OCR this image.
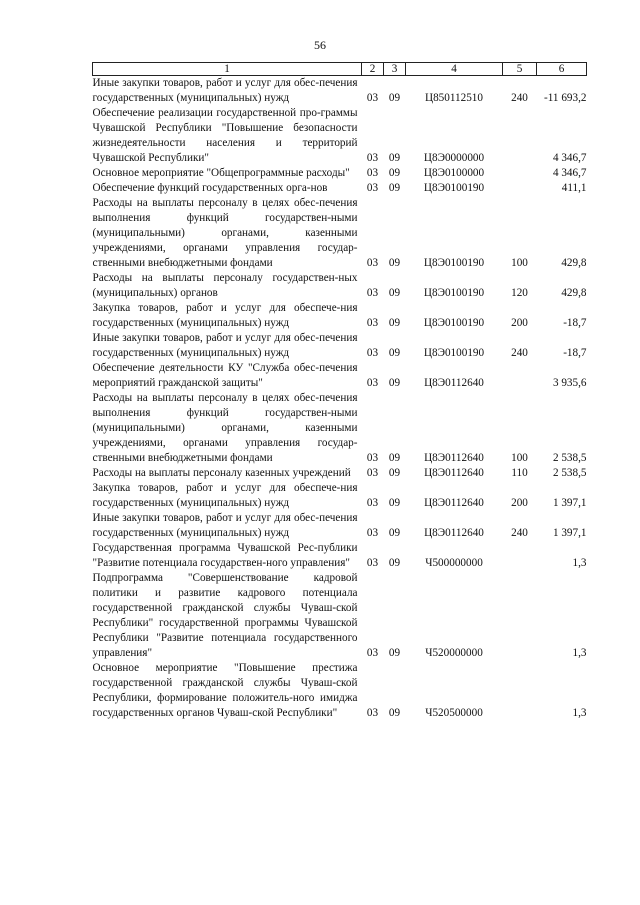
56
1	2	3	4	5	6
Иные закупки товаров, работ и услуг для обес-печения государственных (муниципальных) нужд	03	09	Ц850112510	240	-11 693,2
Обеспечение реализации государственной про-граммы Чувашской Республики "Повышение безопасности жизнедеятельности населения и территорий Чувашской Республики"	03	09	Ц8Э0000000		4 346,7
Основное мероприятие "Общепрограммные расходы"	03	09	Ц8Э0100000		4 346,7
Обеспечение функций государственных орга-нов	03	09	Ц8Э0100190		411,1
Расходы на выплаты персоналу в целях обес-печения выполнения функций государствен-ными (муниципальными) органами, казенными учреждениями, органами управления государ-ственными внебюджетными фондами	03	09	Ц8Э0100190	100	429,8
Расходы на выплаты персоналу государствен-ных (муниципальных) органов	03	09	Ц8Э0100190	120	429,8
Закупка товаров, работ и услуг для обеспече-ния государственных (муниципальных) нужд	03	09	Ц8Э0100190	200	-18,7
Иные закупки товаров, работ и услуг для обес-печения государственных (муниципальных) нужд	03	09	Ц8Э0100190	240	-18,7
Обеспечение деятельности КУ "Служба обес-печения мероприятий гражданской защиты"	03	09	Ц8Э0112640		3 935,6
Расходы на выплаты персоналу в целях обес-печения выполнения функций государствен-ными (муниципальными) органами, казенными учреждениями, органами управления государ-ственными внебюджетными фондами	03	09	Ц8Э0112640	100	2 538,5
Расходы на выплаты персоналу казенных учреждений	03	09	Ц8Э0112640	110	2 538,5
Закупка товаров, работ и услуг для обеспече-ния государственных (муниципальных) нужд	03	09	Ц8Э0112640	200	1 397,1
Иные закупки товаров, работ и услуг для обес-печения государственных (муниципальных) нужд	03	09	Ц8Э0112640	240	1 397,1
Государственная программа Чувашской Рес-публики "Развитие потенциала государствен-ного управления"	03	09	Ч500000000		1,3
Подпрограмма "Совершенствование кадровой политики и развитие кадрового потенциала государственной гражданской службы Чуваш-ской Республики" государственной программы Чувашской Республики "Развитие потенциала государственного управления"	03	09	Ч520000000		1,3
Основное мероприятие "Повышение престижа государственной гражданской службы Чуваш-ской Республики, формирование положитель-ного имиджа государственных органов Чуваш-ской Республики"	03	09	Ч520500000		1,3
